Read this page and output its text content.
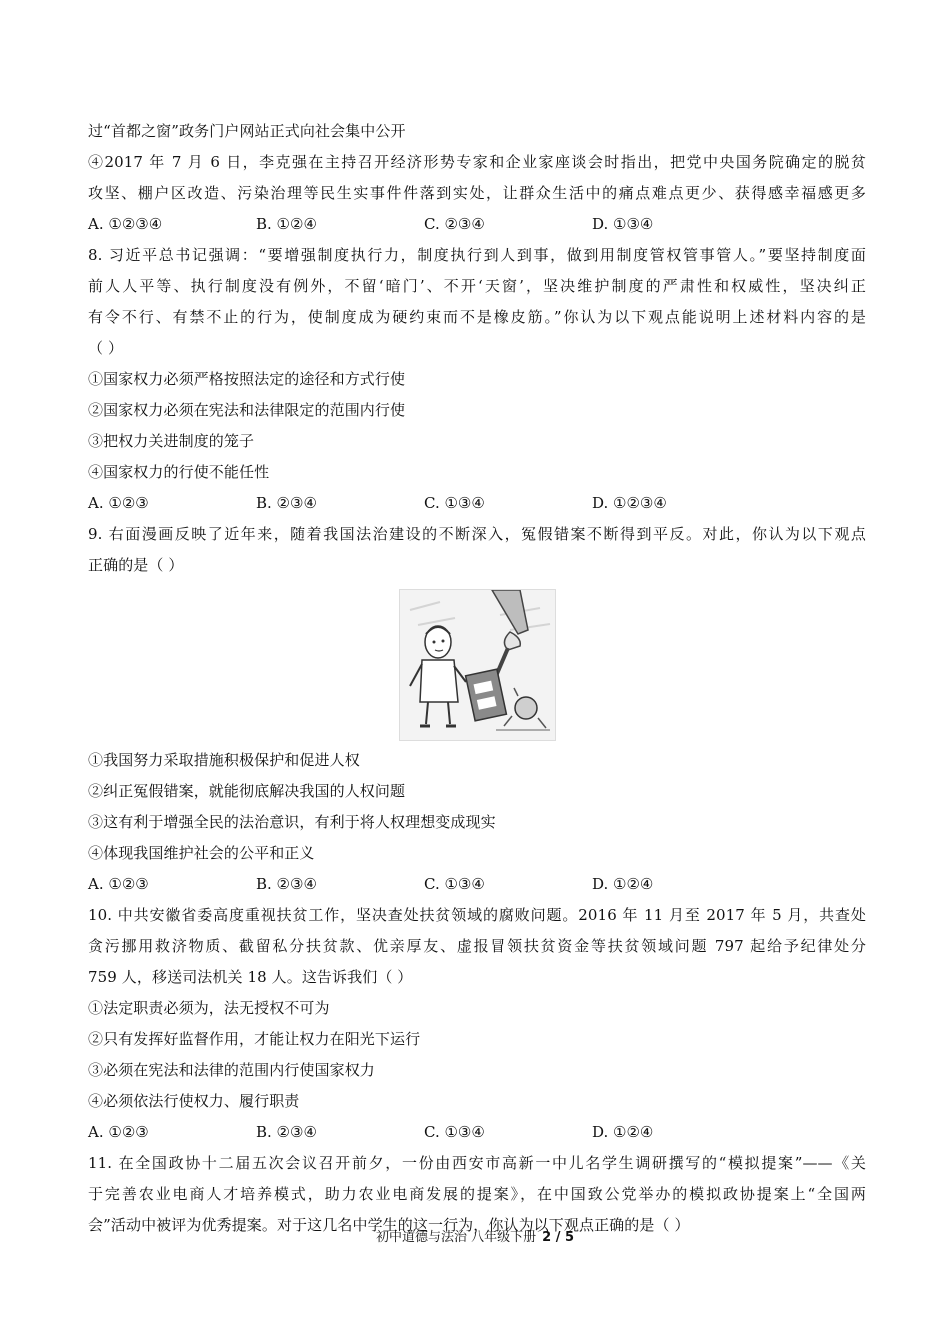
过“首都之窗”政务门户网站正式向社会集中公开
④2017 年 7 月 6 日，李克强在主持召开经济形势专家和企业家座谈会时指出，把党中央国务院确定的脱贫
攻坚、棚户区改造、污染治理等民生实事件件落到实处，让群众生活中的痛点难点更少、获得感幸福感更多
A. ①②③④	B. ①②④	C. ②③④	D. ①③④
8. 习近平总书记强调：“要增强制度执行力，制度执行到人到事，做到用制度管权管事管人。”要坚持制度面
前人人平等、执行制度没有例外，不留‘暗门’、不开‘天窗’，坚决维护制度的严肃性和权威性，坚决纠正
有令不行、有禁不止的行为，使制度成为硬约束而不是橡皮筋。”你认为以下观点能说明上述材料内容的是
（ ）
①国家权力必须严格按照法定的途径和方式行使
②国家权力必须在宪法和法律限定的范围内行使
③把权力关进制度的笼子
④国家权力的行使不能任性
A. ①②③	B. ②③④	C. ①③④	D. ①②③④
9. 右面漫画反映了近年来，随着我国法治建设的不断深入，冤假错案不断得到平反。对此，你认为以下观点
正确的是（ ）
①我国努力采取措施积极保护和促进人权
②纠正冤假错案，就能彻底解决我国的人权问题
③这有利于增强全民的法治意识，有利于将人权理想变成现实
④体现我国维护社会的公平和正义
A. ①②③	B. ②③④	C. ①③④	D. ①②④
10. 中共安徽省委高度重视扶贫工作，坚决查处扶贫领域的腐败问题。2016 年 11 月至 2017 年 5 月，共查处
贪污挪用救济物质、截留私分扶贫款、优亲厚友、虚报冒领扶贫资金等扶贫领域问题 797 起给予纪律处分
759 人，移送司法机关 18 人。这告诉我们（ ）
①法定职责必须为，法无授权不可为
②只有发挥好监督作用，才能让权力在阳光下运行
③必须在宪法和法律的范围内行使国家权力
④必须依法行使权力、履行职责
A. ①②③	B. ②③④	C. ①③④	D. ①②④
11. 在全国政协十二届五次会议召开前夕，一份由西安市高新一中儿名学生调研撰写的“模拟提案”——《关
于完善农业电商人才培养模式，助力农业电商发展的提案》，在中国致公党举办的模拟政协提案上“全国两
会”活动中被评为优秀提案。对于这几名中学生的这一行为，你认为以下观点正确的是（ ）
初中道德与法治 八年级下册 2 / 5
